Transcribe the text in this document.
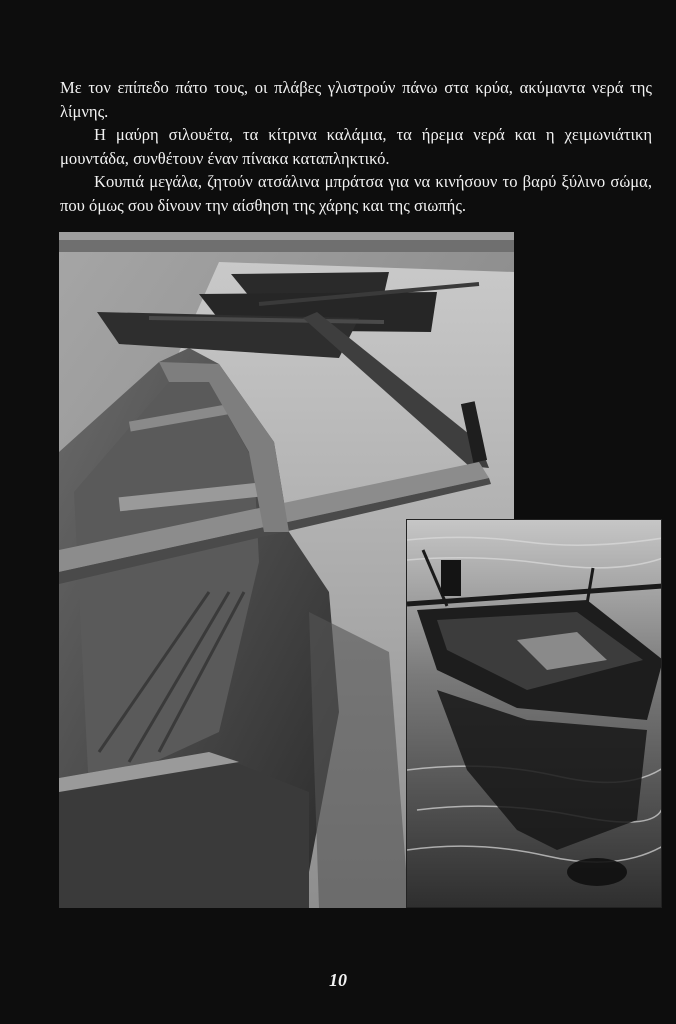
Με τον επίπεδο πάτο τους, οι πλάβες γλιστρούν πάνω στα κρύα, ακύμαντα νερά της λίμνης.

Η μαύρη σιλουέτα, τα κίτρινα καλάμια, τα ήρεμα νερά και η χειμωνιάτικη μουντάδα, συνθέτουν έναν πίνακα καταπληκτικό.

Κουπιά μεγάλα, ζητούν ατσάλινα μπράτσα για να κινήσουν το βαρύ ξύλινο σώμα, που όμως σου δίνουν την αίσθηση της χάρης και της σιωπής.

10
